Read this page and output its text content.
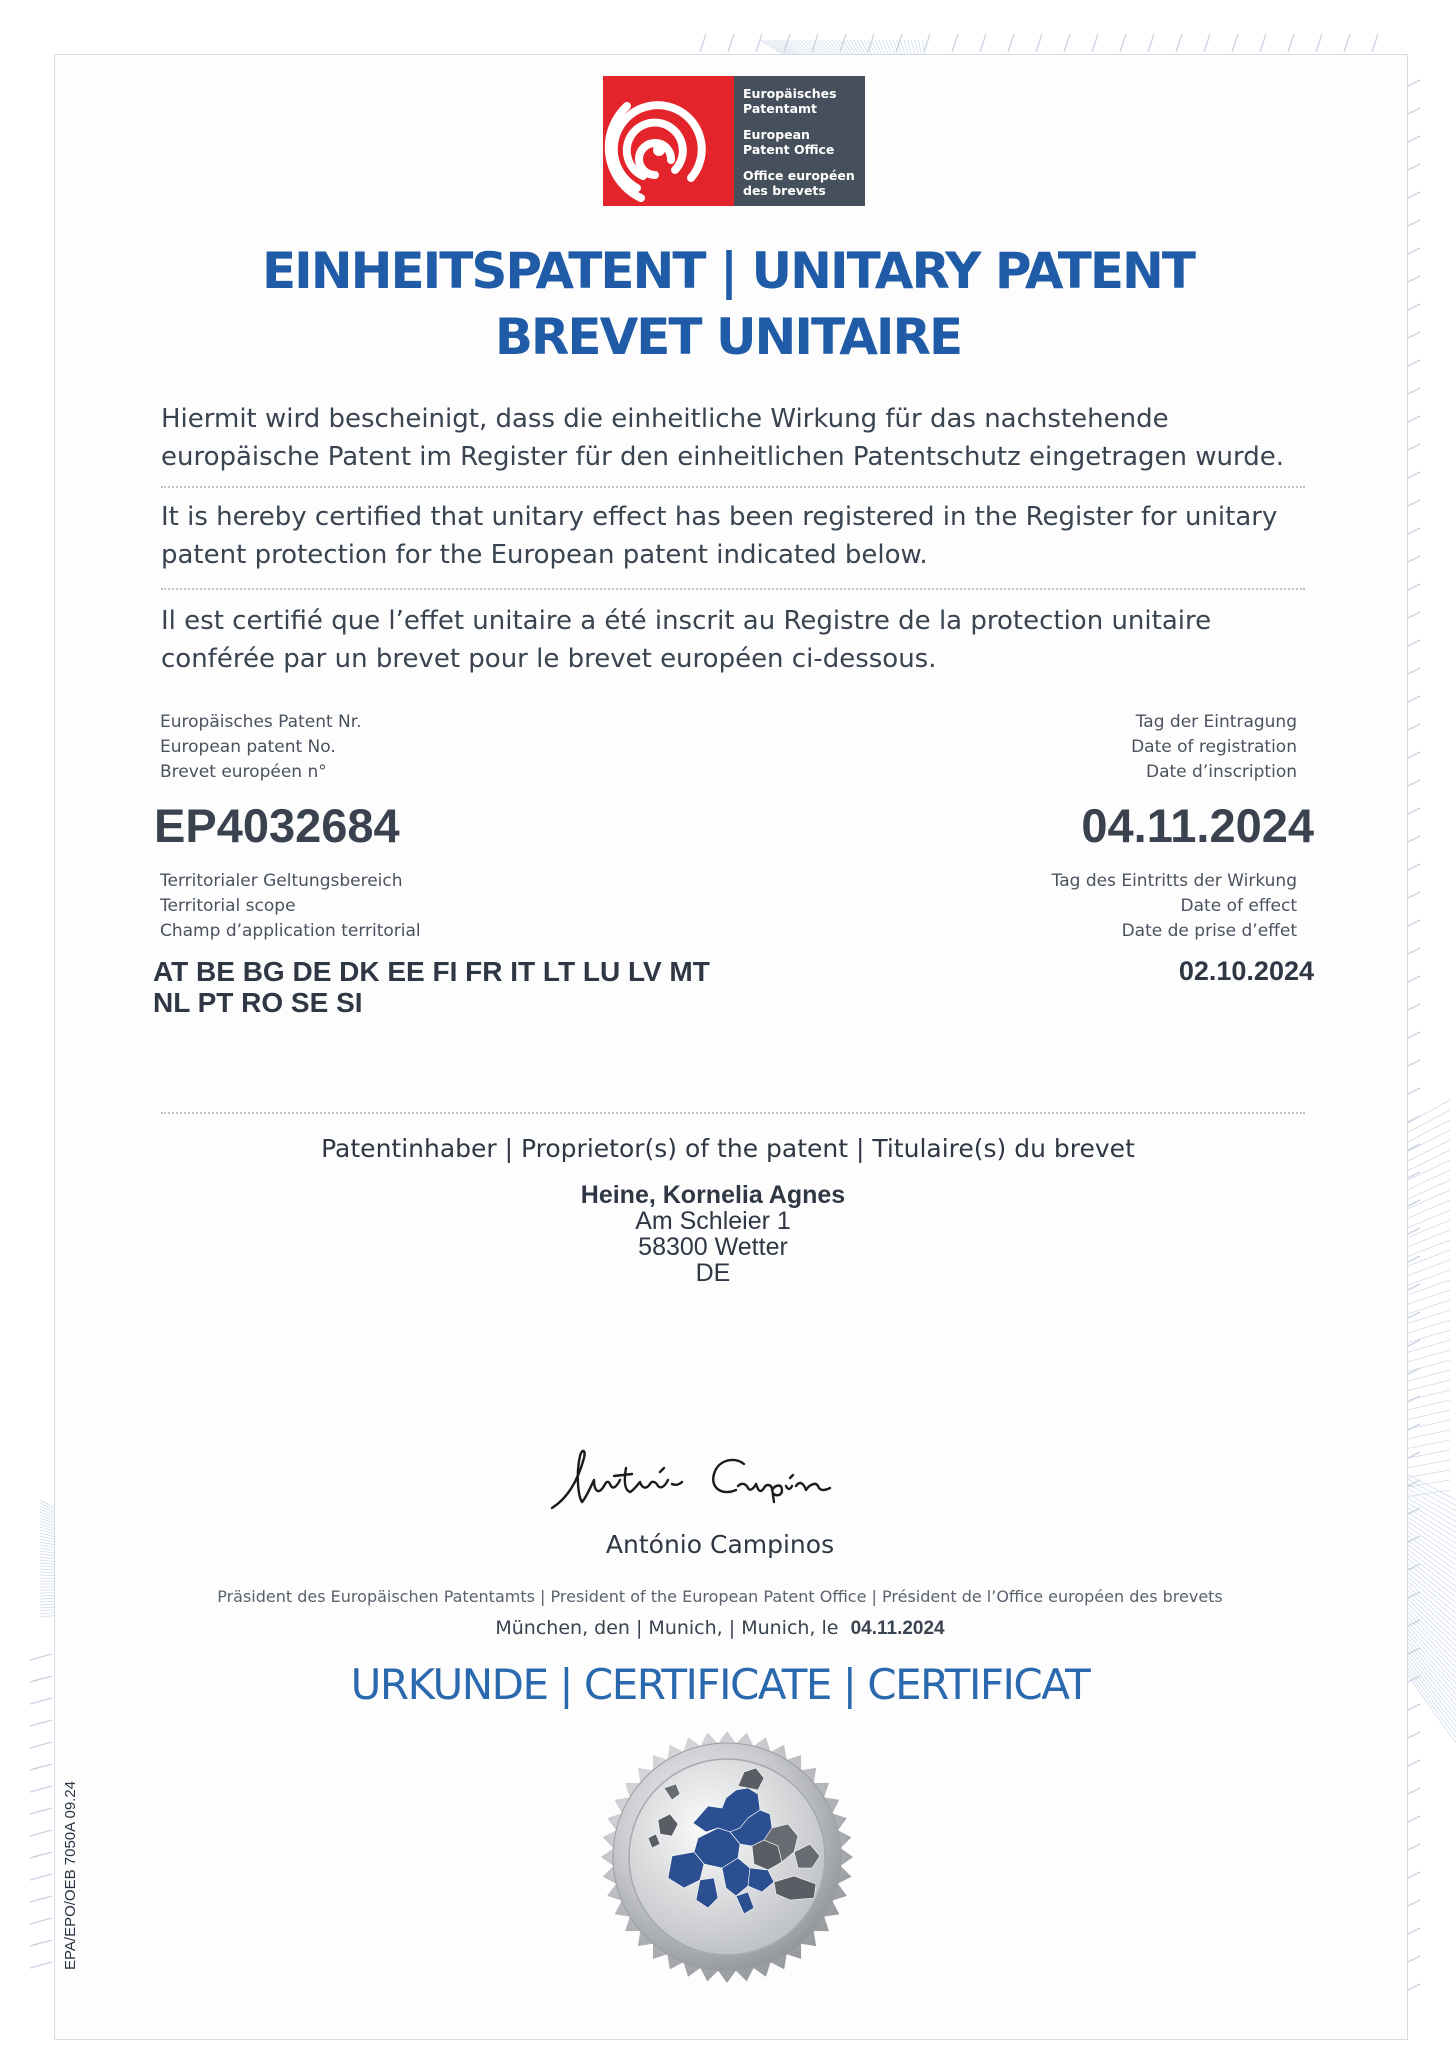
Europäisches
Patentamt
European
Patent Office
Office européen
des brevets
EINHEITSPATENT | UNITARY PATENT
BREVET UNITAIRE
Hiermit wird bescheinigt, dass die einheitliche Wirkung für das nachstehende europäische Patent im Register für den einheitlichen Patentschutz eingetragen wurde.
It is hereby certified that unitary effect has been registered in the Register for unitary patent protection for the European patent indicated below.
Il est certifié que l’effet unitaire a été inscrit au Registre de la protection unitaire conférée par un brevet pour le brevet européen ci-dessous.
Europäisches Patent Nr.
European patent No.
Brevet européen n°
EP4032684
Tag der Eintragung
Date of registration
Date d’inscription
04.11.2024
Territorialer Geltungsbereich
Territorial scope
Champ d’application territorial
AT BE BG DE DK EE FI FR IT LT LU LV MT
NL PT RO SE SI
Tag des Eintritts der Wirkung
Date of effect
Date de prise d’effet
02.10.2024
Patentinhaber | Proprietor(s) of the patent | Titulaire(s) du brevet
Heine, Kornelia Agnes
Am Schleier 1
58300 Wetter
DE
António Campinos
Präsident des Europäischen Patentamts | President of the European Patent Office | Président de l’Office européen des brevets
München, den | Munich, | Munich, le 04.11.2024
URKUNDE | CERTIFICATE | CERTIFICAT
EPA/EPO/OEB 7050A 09.24
